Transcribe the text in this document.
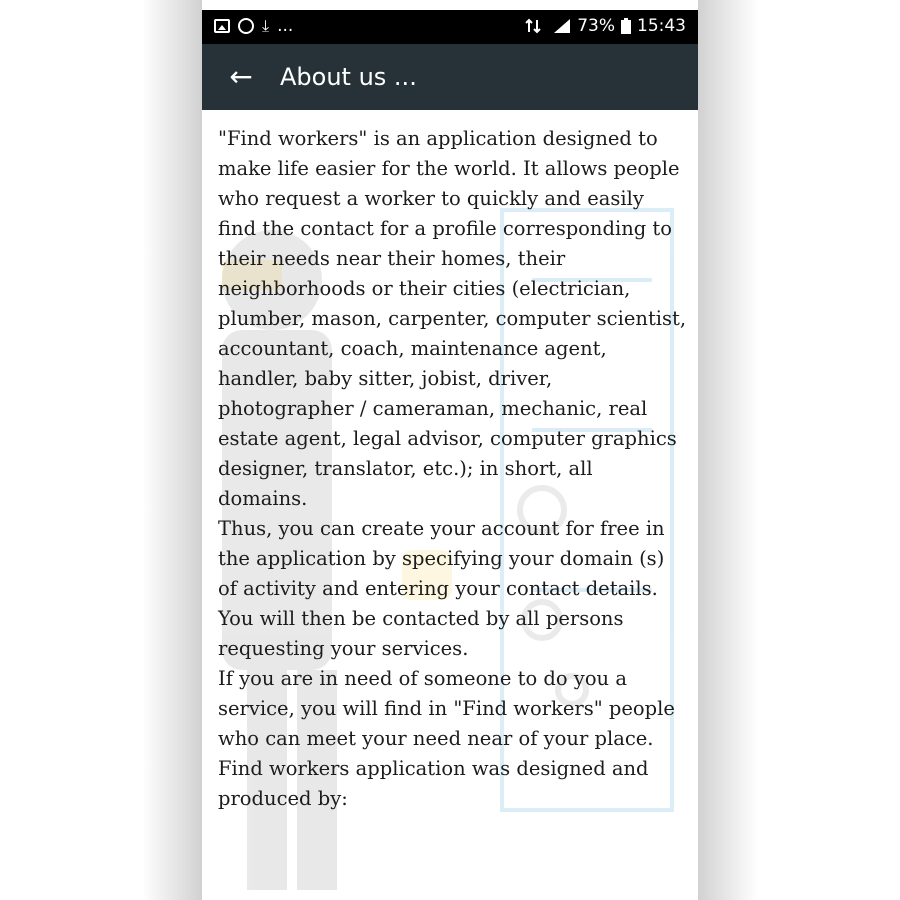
⤓ ...	73% 15:43
← About us ...

"Find workers" is an application designed to make life easier for the world. It allows people who request a worker to quickly and easily find the contact for a profile corresponding to their needs near their homes, their neighborhoods or their cities (electrician, plumber, mason, carpenter, computer scientist, accountant, coach, maintenance agent, handler, baby sitter, jobist, driver, photographer / cameraman, mechanic, real estate agent, legal advisor, computer graphics designer, translator, etc.); in short, all domains.

Thus, you can create your account for free in the application by specifying your domain (s) of activity and entering your contact details.

You will then be contacted by all persons requesting your services.

If you are in need of someone to do you a service, you will find in "Find workers" people who can meet your need near of your place.

Find workers application was designed and produced by:
